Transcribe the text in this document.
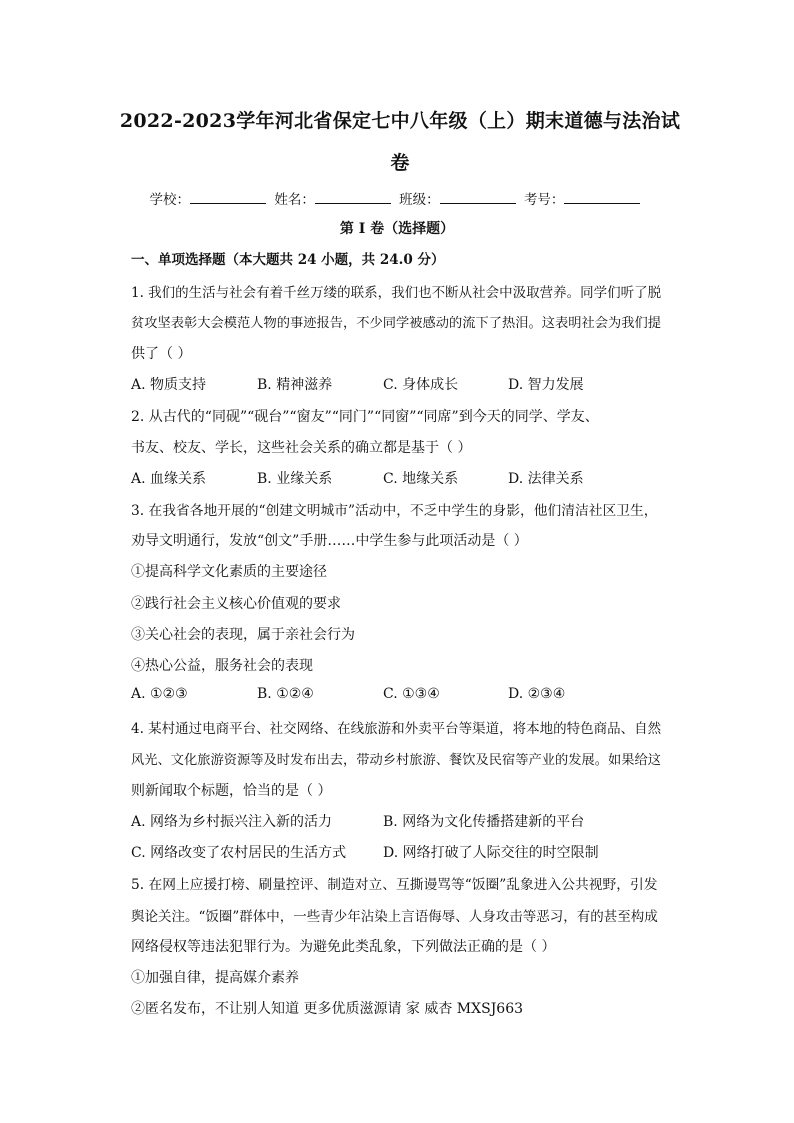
2022-2023学年河北省保定七中八年级（上）期末道德与法治试
卷
学校：	姓名：	班级：	考号：
第 I 卷（选择题）
一、单项选择题（本大题共 24 小题，共 24.0 分）
1. 我们的生活与社会有着千丝万缕的联系，我们也不断从社会中汲取营养。同学们听了脱
贫攻坚表彰大会模范人物的事迹报告，不少同学被感动的流下了热泪。这表明社会为我们提
供了（ ）
A. 物质支持	B. 精神滋养	C. 身体成长	D. 智力发展
2. 从古代的“同砚”“砚台”“窗友”“同门”“同窗”“同席”到今天的同学、学友、
书友、校友、学长，这些社会关系的确立都是基于（ ）
A. 血缘关系	B. 业缘关系	C. 地缘关系	D. 法律关系
3. 在我省各地开展的“创建文明城市”活动中，不乏中学生的身影，他们清洁社区卫生，
劝导文明通行，发放“创文”手册……中学生参与此项活动是（ ）
①提高科学文化素质的主要途径
②践行社会主义核心价值观的要求
③关心社会的表现，属于亲社会行为
④热心公益，服务社会的表现
A. ①②③	B. ①②④	C. ①③④	D. ②③④
4. 某村通过电商平台、社交网络、在线旅游和外卖平台等渠道，将本地的特色商品、自然
风光、文化旅游资源等及时发布出去，带动乡村旅游、餐饮及民宿等产业的发展。如果给这
则新闻取个标题，恰当的是（ ）
A. 网络为乡村振兴注入新的活力	B. 网络为文化传播搭建新的平台
C. 网络改变了农村居民的生活方式	D. 网络打破了人际交往的时空限制
5. 在网上应援打榜、刷量控评、制造对立、互撕谩骂等“饭圈”乱象进入公共视野，引发
舆论关注。“饭圈”群体中，一些青少年沾染上言语侮辱、人身攻击等恶习，有的甚至构成
网络侵权等违法犯罪行为。为避免此类乱象，下列做法正确的是（ ）
①加强自律，提高媒介素养
②匿名发布，不让别人知道 更多优质滋源请 家 威杏 MXSJ663
